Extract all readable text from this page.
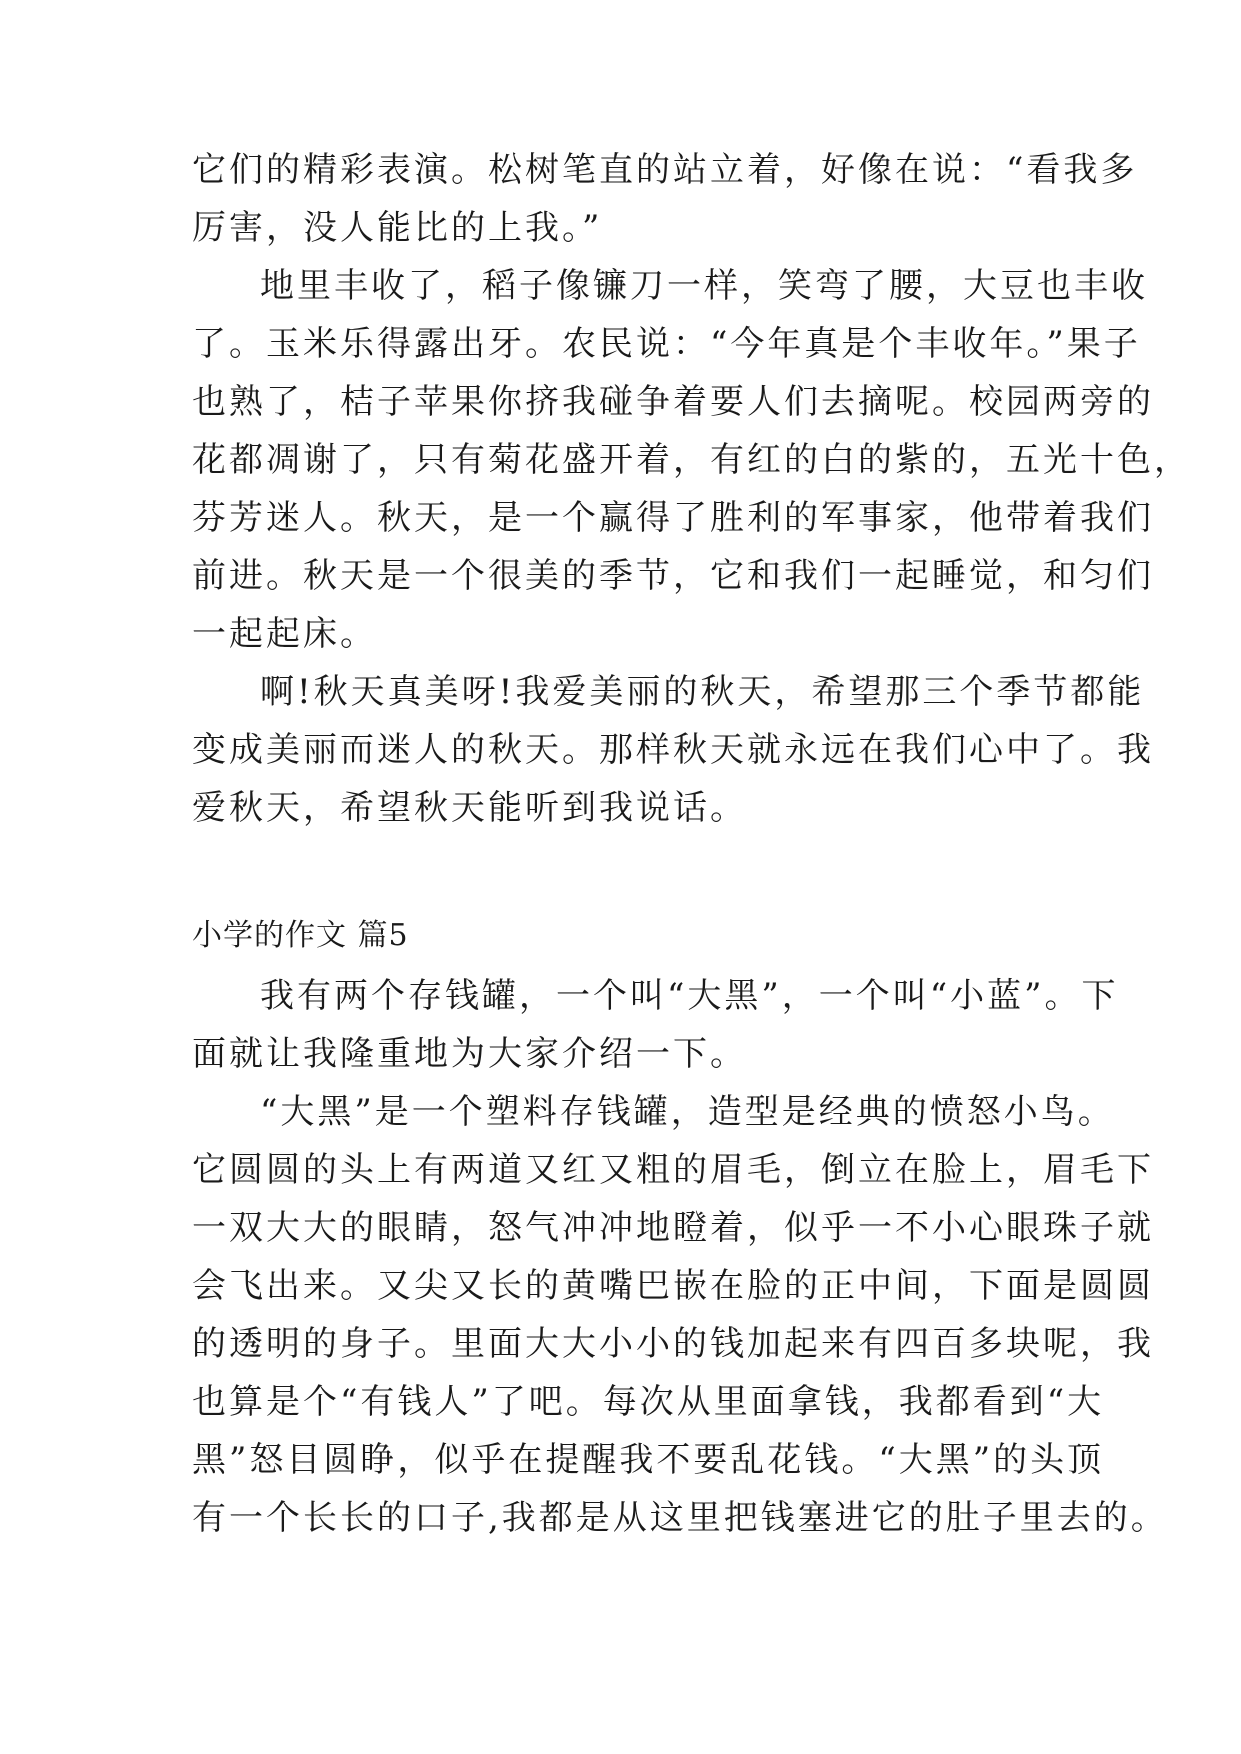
它们的精彩表演。松树笔直的站立着，好像在说：“看我多
厉害，没人能比的上我。”
地里丰收了，稻子像镰刀一样，笑弯了腰，大豆也丰收
了。玉米乐得露出牙。农民说：“今年真是个丰收年。”果子
也熟了，桔子苹果你挤我碰争着要人们去摘呢。校园两旁的
花都凋谢了，只有菊花盛开着，有红的白的紫的，五光十色，
芬芳迷人。秋天，是一个赢得了胜利的军事家，他带着我们
前进。秋天是一个很美的季节，它和我们一起睡觉，和匀们
一起起床。
啊!秋天真美呀!我爱美丽的秋天，希望那三个季节都能
变成美丽而迷人的秋天。那样秋天就永远在我们心中了。我
爱秋天，希望秋天能听到我说话。
小学的作文 篇5
我有两个存钱罐，一个叫“大黑”，一个叫“小蓝”。下
面就让我隆重地为大家介绍一下。
“大黑”是一个塑料存钱罐，造型是经典的愤怒小鸟。
它圆圆的头上有两道又红又粗的眉毛，倒立在脸上，眉毛下
一双大大的眼睛，怒气冲冲地瞪着，似乎一不小心眼珠子就
会飞出来。又尖又长的黄嘴巴嵌在脸的正中间，下面是圆圆
的透明的身子。里面大大小小的钱加起来有四百多块呢，我
也算是个“有钱人”了吧。每次从里面拿钱，我都看到“大
黑”怒目圆睁，似乎在提醒我不要乱花钱。“大黑”的头顶
有一个长长的口子,我都是从这里把钱塞进它的肚子里去的。
